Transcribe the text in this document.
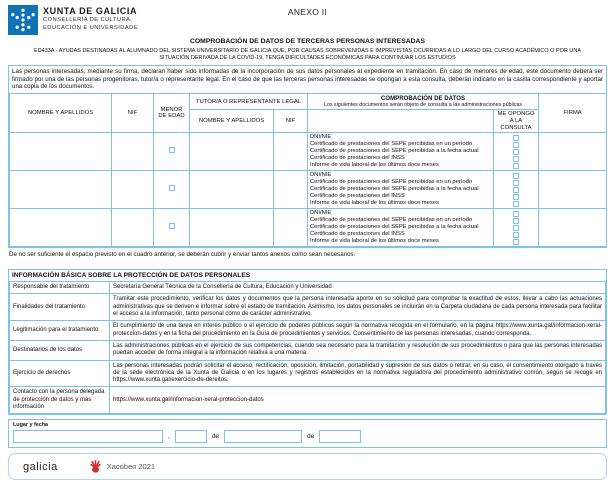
XUNTA DE GALICIA
CONSELLERÍA DE CULTURA,
EDUCACIÓN E UNIVERSIDADE
ANEXO II
COMPROBACIÓN DE DATOS DE TERCERAS PERSONAS INTERESADAS
ED433A - AYUDAS DESTINADAS AL ALUMNADO DEL SISTEMA UNIVERSITARIO DE GALICIA QUE, POR CAUSAS SOBREVENIDAS E IMPREVISTAS OCURRIDAS A LO LARGO DEL CURSO ACADÉMICO O POR UNA SITUACIÓN DERIVADA DE LA COVID-19, TENGA DIFICULTADES ECONÓMICAS PARA CONTINUAR LOS ESTUDIOS

Las personas interesadas, mediante su firma, declaran haber sido informadas de la incorporación de sus datos personales al expediente en tramitación. En caso de menores de edad, este documento deberá ser firmado por una de las personas progenitoras, tutor/a o representante legal. En el caso de que las terceras personas interesadas se opongan a esta consulta, deberán indicarlo en la casilla correspondiente y aportar una copia de los documentos.

NOMBRE Y APELLIDOS	NIF	MENOR DE EDAD	TUTOR/A O REPRESENTANTE LEGAL		COMPROBACIÓN DE DATOS
Los siguientes documentos serán objeto de consulta a las administraciones públicas		FIRMA
			NOMBRE Y APELLIDOS	NIF		ME OPONGO A LA CONSULTA	

					DNI/NIE
Certificado de prestaciones del SEPE percibidas en un período
Certificado de prestaciones del SEPE percibidas a la fecha actual
Certificado de prestaciones del INSS
Informe de vida laboral de los últimos doce meses		

					DNI/NIE
Certificado de prestaciones del SEPE percibidas en un período
Certificado de prestaciones del SEPE percibidas a la fecha actual
Certificado de prestaciones del INSS
Informe de vida laboral de los últimos doce meses		

					DNI/NIE
Certificado de prestaciones del SEPE percibidas en un período
Certificado de prestaciones del SEPE percibidas a la fecha actual
Certificado de prestaciones del INSS
Informe de vida laboral de los últimos doce meses		

De no ser suficiente el espacio previsto en el cuadro anterior, se deberán cubrir y enviar tantos anexos como sean necesarios.

INFORMACIÓN BÁSICA SOBRE LA PROTECCIÓN DE DATOS PERSONALES
Responsable del tratamiento	Secretaría General Técnica de la Consellería de Cultura, Educación y Universidad
Finalidades del tratamiento	Tramitar este procedimiento, verificar los datos y documentos que la persona interesada aporte en su solicitud para comprobar la exactitud de estos, llevar a cabo las actuaciones administrativas que se deriven e informar sobre el estado de tramitación. Asimismo, los datos personales se incluirán en la Carpeta ciudadana de cada persona interesada para facilitar el acceso a la información, tanto personal como de carácter administrativo.
Legitimación para el tratamiento	El cumplimiento de una tarea en interés público o el ejercicio de poderes públicos según la normativa recogida en el formulario, en la página https://www.xunta.gal/informacion-xeral-proteccion-datos y en la ficha del procedimiento en la Guía de procedimientos y servicios. Consentimiento de las personas interesadas, cuando corresponda.
Destinatarios de los datos	Las administraciones públicas en el ejercicio de sus competencias, cuando sea necesario para la tramitación y resolución de sus procedimientos o para que las personas interesadas puedan acceder de forma integral a la información relativa a una materia.
Ejercicio de derechos	Las personas interesadas podrán solicitar el acceso, rectificación, oposición, limitación, portabilidad y supresión de sus datos o retirar, en su caso, el consentimiento otorgado a través de la sede electrónica de la Xunta de Galicia o en los lugares y registros establecidos en la normativa reguladora del procedimiento administrativo común, según se recoge en https://www.xunta.gal/exercicio-de-dereitos.
Contacto con la persona delegada de protección de datos y más información	https://www.xunta.gal/informacion-xeral-proteccion-datos
Lugar y fecha
,	de	de
galicia	Xacobeo 2021
